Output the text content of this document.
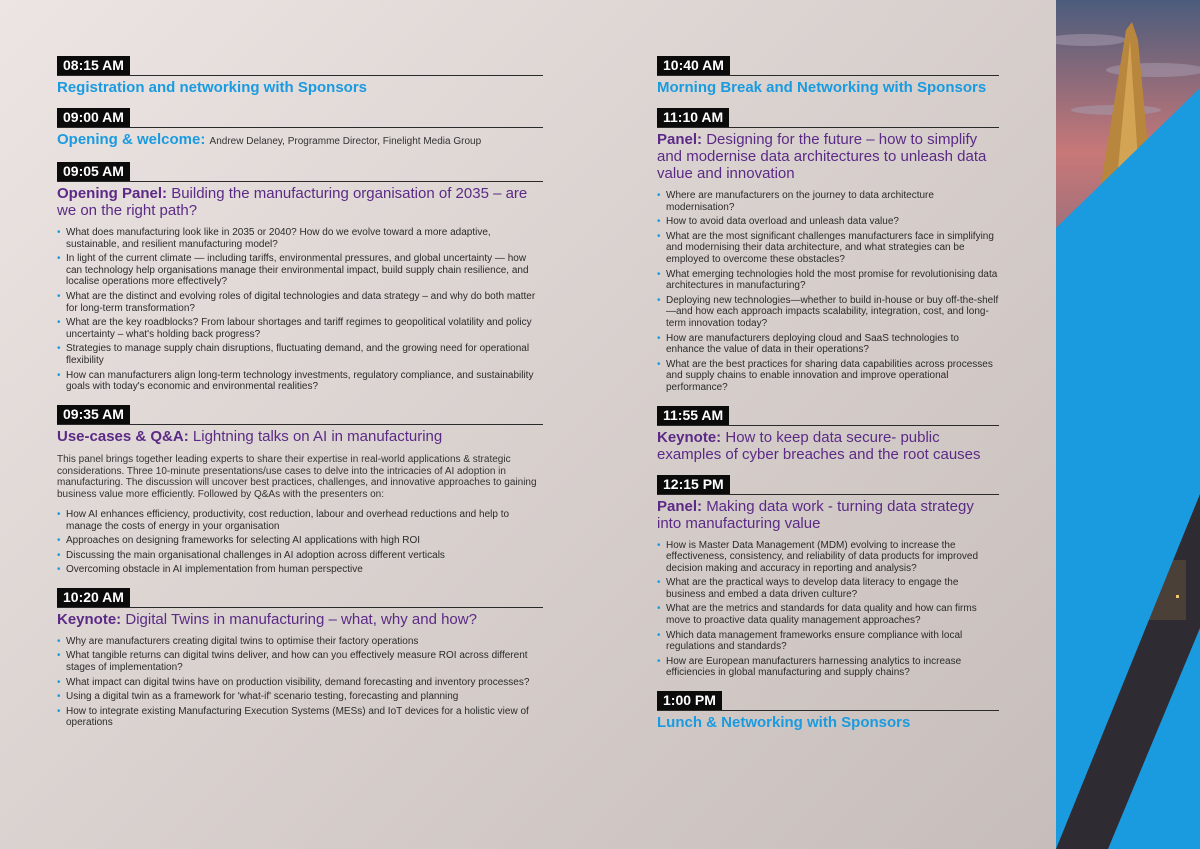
08:15 AM
Registration and networking with Sponsors
09:00 AM
Opening & welcome: Andrew Delaney, Programme Director, Finelight Media Group
09:05 AM
Opening Panel: Building the manufacturing organisation of 2035 – are we on the right path?
• What does manufacturing look like in 2035 or 2040? How do we evolve toward a more adaptive, sustainable, and resilient manufacturing model?
• In light of the current climate — including tariffs, environmental pressures, and global uncertainty — how can technology help organisations manage their environmental impact, build supply chain resilience, and localise operations more effectively?
• What are the distinct and evolving roles of digital technologies and data strategy – and why do both matter for long-term transformation?
• What are the key roadblocks? From labour shortages and tariff regimes to geopolitical volatility and policy uncertainty – what's holding back progress?
• Strategies to manage supply chain disruptions, fluctuating demand, and the growing need for operational flexibility
• How can manufacturers align long-term technology investments, regulatory compliance, and sustainability goals with today's economic and environmental realities?
09:35 AM
Use-cases & Q&A: Lightning talks on AI in manufacturing

This panel brings together leading experts to share their expertise in real-world applications & strategic considerations. Three 10-minute presentations/use cases to delve into the intricacies of AI adoption in manufacturing. The discussion will uncover best practices, challenges, and innovative approaches to gaining business value more efficiently. Followed by Q&As with the presenters on:

• How AI enhances efficiency, productivity, cost reduction, labour and overhead reductions and help to manage the costs of energy in your organisation
• Approaches on designing frameworks for selecting AI applications with high ROI
• Discussing the main organisational challenges in AI adoption across different verticals
• Overcoming obstacle in AI implementation from human perspective
10:20 AM
Keynote: Digital Twins in manufacturing – what, why and how?
• Why are manufacturers creating digital twins to optimise their factory operations
• What tangible returns can digital twins deliver, and how can you effectively measure ROI across different stages of implementation?
• What impact can digital twins have on production visibility, demand forecasting and inventory processes?
• Using a digital twin as a framework for 'what-if' scenario testing, forecasting and planning
• How to integrate existing Manufacturing Execution Systems (MESs) and IoT devices for a holistic view of operations
10:40 AM
Morning Break and Networking with Sponsors
11:10 AM
Panel: Designing for the future – how to simplify and modernise data architectures to unleash data value and innovation
• Where are manufacturers on the journey to data architecture modernisation?
• How to avoid data overload and unleash data value?
• What are the most significant challenges manufacturers face in simplifying and modernising their data architecture, and what strategies can be employed to overcome these obstacles?
• What emerging technologies hold the most promise for revolutionising data architectures in manufacturing?
• Deploying new technologies—whether to build in-house or buy off-the-shelf—and how each approach impacts scalability, integration, cost, and long-term innovation today?
• How are manufacturers deploying cloud and SaaS technologies to enhance the value of data in their operations?
• What are the best practices for sharing data capabilities across processes and supply chains to enable innovation and improve operational performance?
11:55 AM
Keynote: How to keep data secure- public examples of cyber breaches and the root causes
12:15 PM
Panel: Making data work - turning data strategy into manufacturing value
• How is Master Data Management (MDM) evolving to increase the effectiveness, consistency, and reliability of data products for improved decision making and accuracy in reporting and analysis?
• What are the practical ways to develop data literacy to engage the business and embed a data driven culture?
• What are the metrics and standards for data quality and how can firms move to proactive data quality management approaches?
• Which data management frameworks ensure compliance with local regulations and standards?
• How are European manufacturers harnessing analytics to increase efficiencies in global manufacturing and supply chains?
1:00 PM
Lunch & Networking with Sponsors
